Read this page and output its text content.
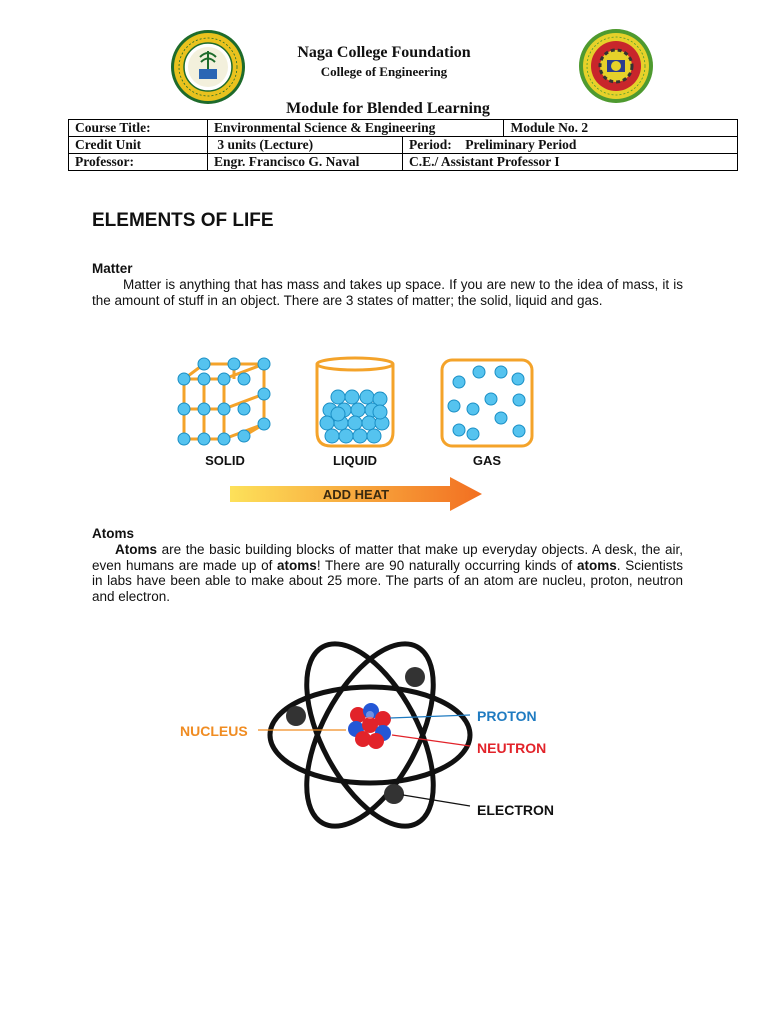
Naga College Foundation
College of Engineering
Module for Blended Learning
Course Title:	Environmental Science & Engineering		Module No. 2
Credit Unit	3 units (Lecture)	Period: Preliminary Period	
Professor:	Engr. Francisco G. Naval	C.E./ Assistant Professor I	
ELEMENTS OF LIFE
Matter

Matter is anything that has mass and takes up space. If you are new to the idea of mass, it is the amount of stuff in an object. There are 3 states of matter; the solid, liquid and gas.

SOLID	LIQUID	GAS
ADD HEAT
Atoms

Atoms are the basic building blocks of matter that make up everyday objects. A desk, the air, even humans are made up of atoms! There are 90 naturally occurring kinds of atoms. Scientists in labs have been able to make about 25 more. The parts of an atom are nucleu, proton, neutron and electron.

NUCLEUS
PROTON
NEUTRON
ELECTRON
